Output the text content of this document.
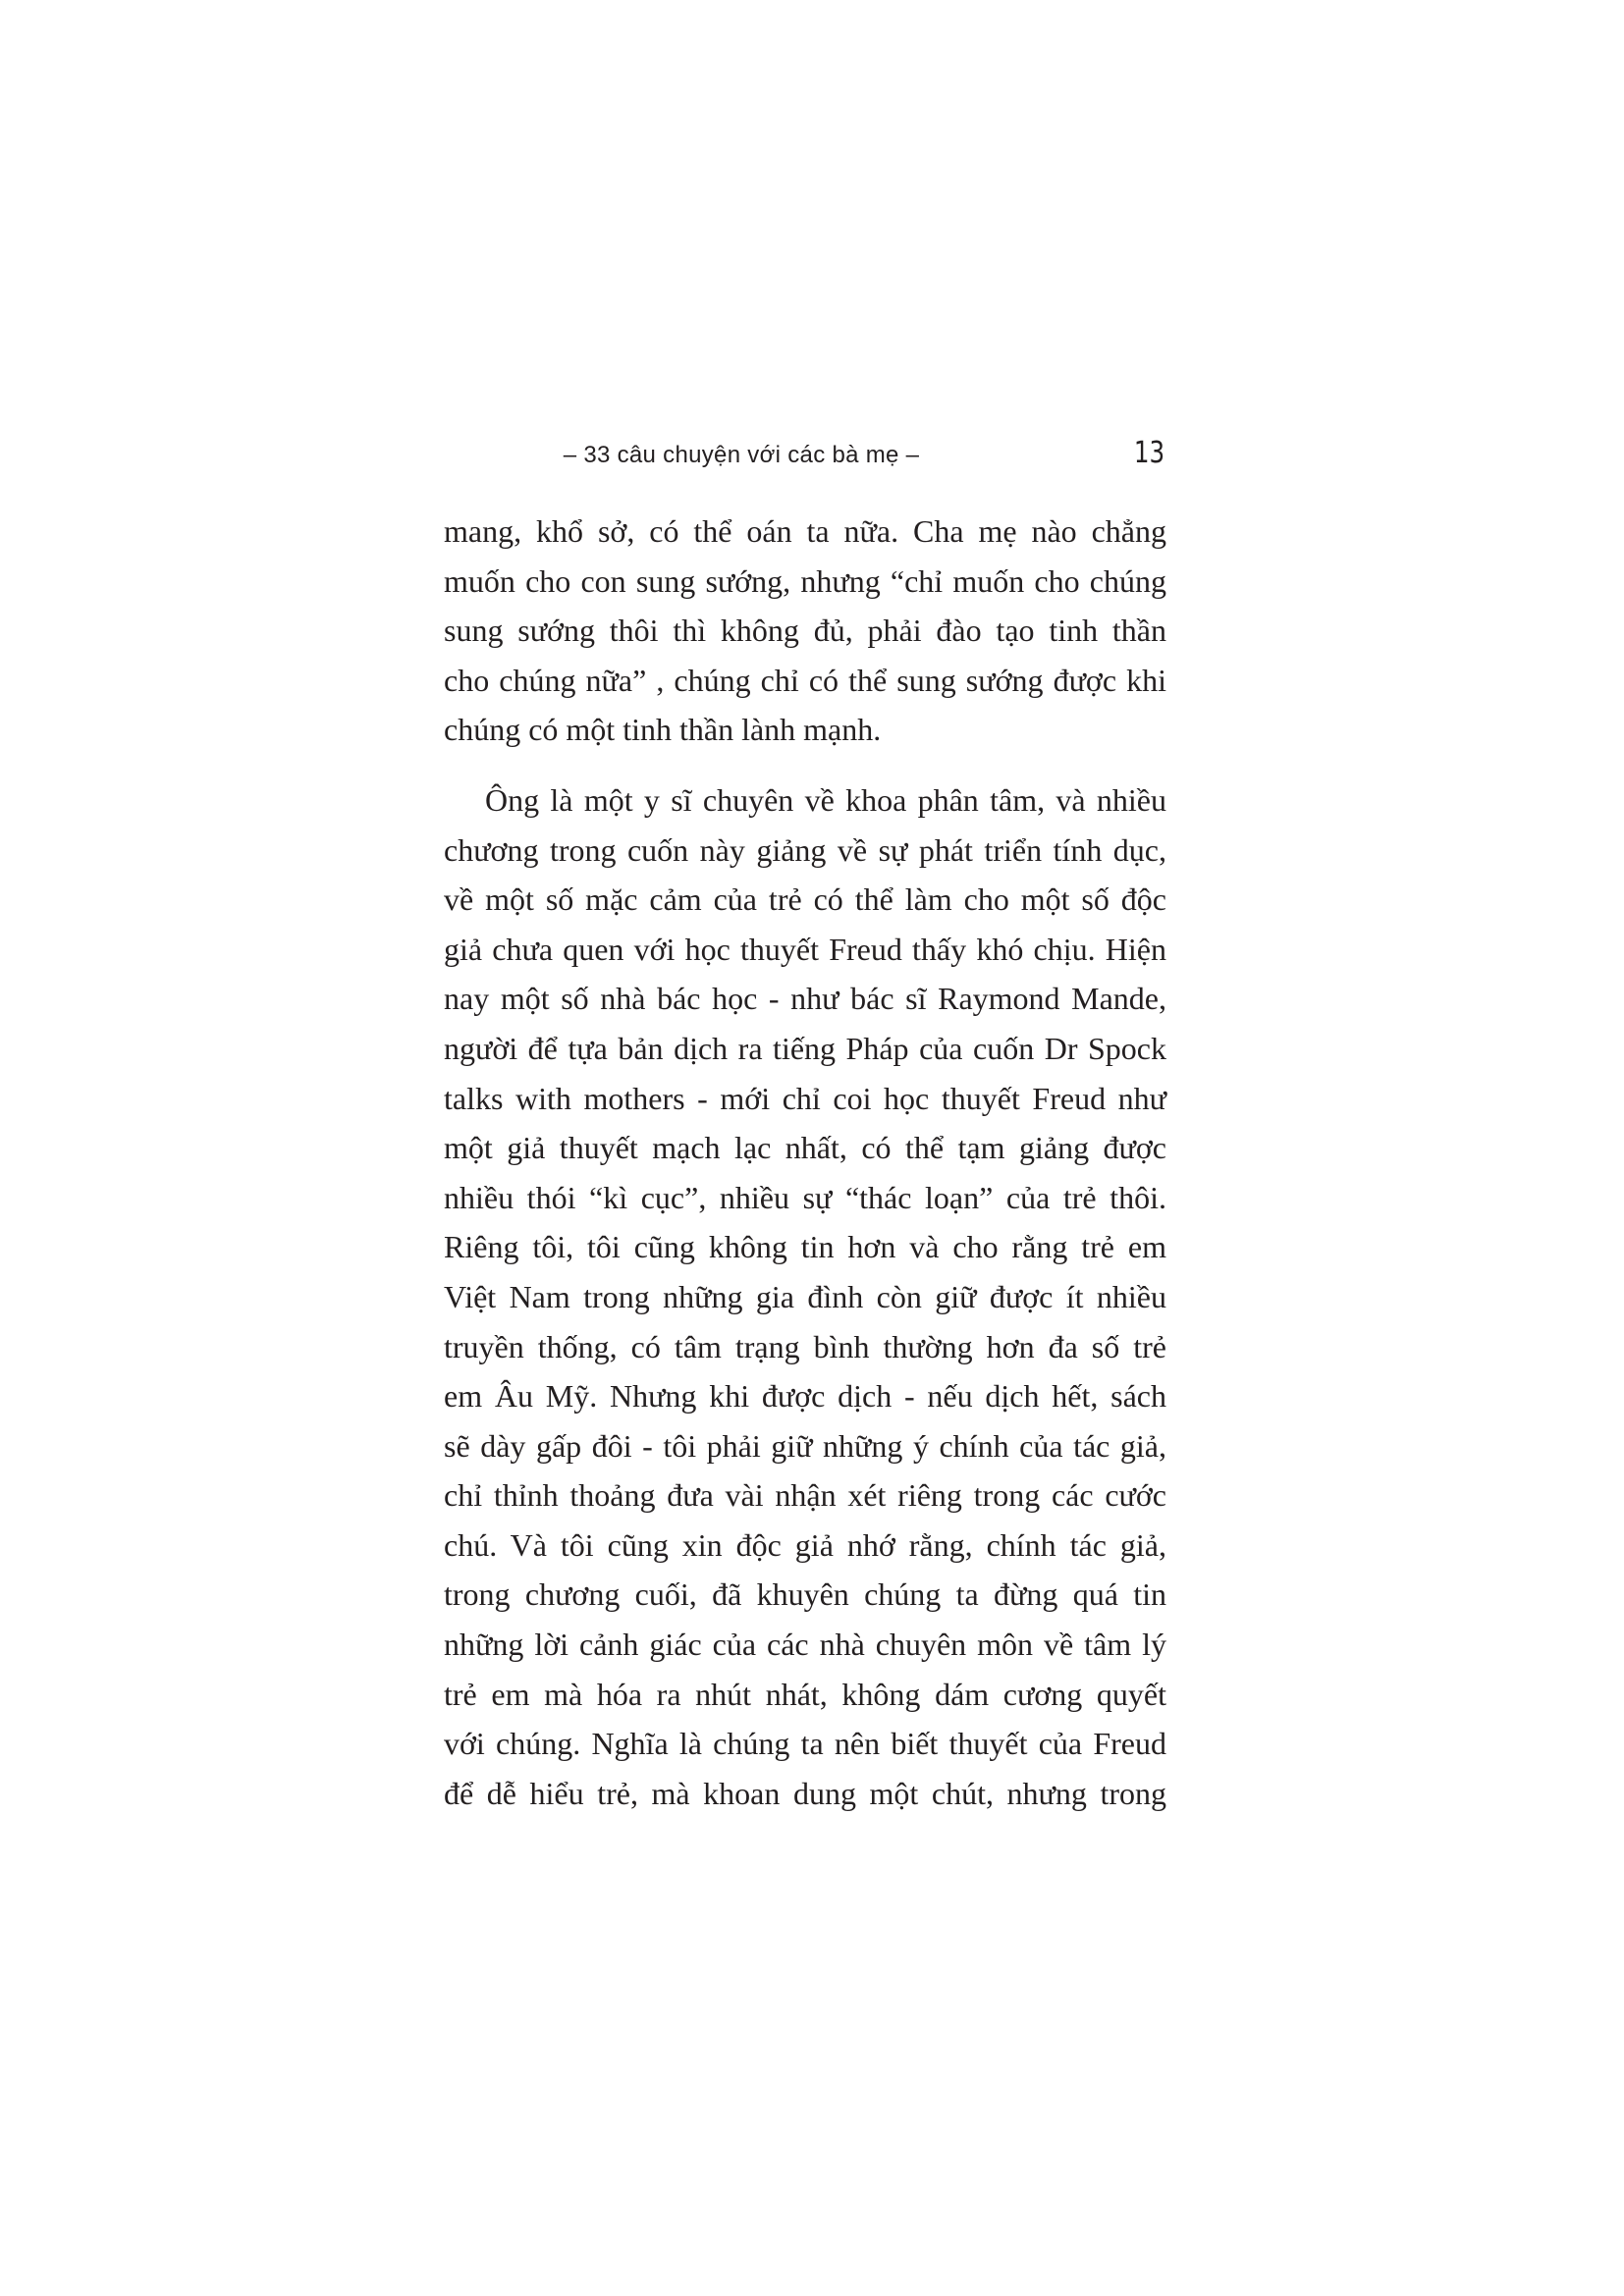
– 33 câu chuyện với các bà mẹ –	13
mang, khổ sở, có thể oán ta nữa. Cha mẹ nào chẳng
muốn cho con sung sướng, nhưng “chỉ muốn cho chúng
sung sướng thôi thì không đủ, phải đào tạo tinh thần
cho chúng nữa” , chúng chỉ có thể sung sướng được khi
chúng có một tinh thần lành mạnh.
Ông là một y sĩ chuyên về khoa phân tâm, và nhiều
chương trong cuốn này giảng về sự phát triển tính dục,
về một số mặc cảm của trẻ có thể làm cho một số độc
giả chưa quen với học thuyết Freud thấy khó chịu. Hiện
nay một số nhà bác học - như bác sĩ Raymond Mande,
người để tựa bản dịch ra tiếng Pháp của cuốn Dr Spock
talks with mothers - mới chỉ coi học thuyết Freud như
một giả thuyết mạch lạc nhất, có thể tạm giảng được
nhiều thói “kì cục”, nhiều sự “thác loạn” của trẻ thôi.
Riêng tôi, tôi cũng không tin hơn và cho rằng trẻ em
Việt Nam trong những gia đình còn giữ được ít nhiều
truyền thống, có tâm trạng bình thường hơn đa số trẻ
em Âu Mỹ. Nhưng khi được dịch - nếu dịch hết, sách
sẽ dày gấp đôi - tôi phải giữ những ý chính của tác giả,
chỉ thỉnh thoảng đưa vài nhận xét riêng trong các cước
chú. Và tôi cũng xin độc giả nhớ rằng, chính tác giả,
trong chương cuối, đã khuyên chúng ta đừng quá tin
những lời cảnh giác của các nhà chuyên môn về tâm lý
trẻ em mà hóa ra nhút nhát, không dám cương quyết
với chúng. Nghĩa là chúng ta nên biết thuyết của Freud
để dễ hiểu trẻ, mà khoan dung một chút, nhưng trong
